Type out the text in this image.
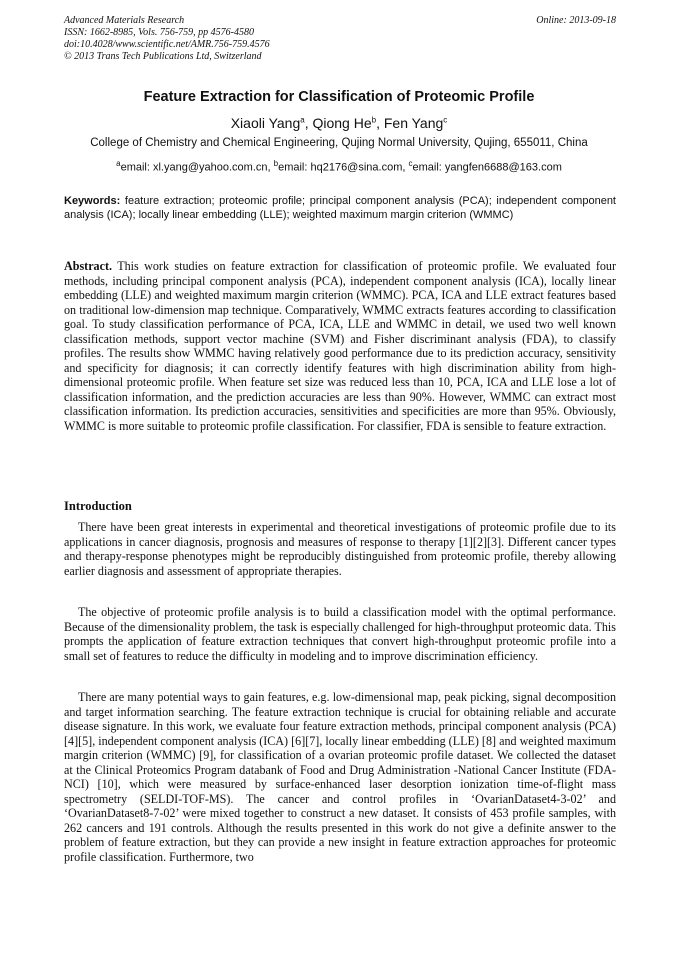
Advanced Materials Research
ISSN: 1662-8985, Vols. 756-759, pp 4576-4580
doi:10.4028/www.scientific.net/AMR.756-759.4576
© 2013 Trans Tech Publications Ltd, Switzerland
Online: 2013-09-18
Feature Extraction for Classification of Proteomic Profile
Xiaoli Yang$^a$, Qiong He$^b$, Fen Yang$^c$
College of Chemistry and Chemical Engineering, Qujing Normal University, Qujing, 655011, China
$^a$email: xl.yang@yahoo.com.cn, $^b$email: hq2176@sina.com, $^c$email: yangfen6688@163.com
Keywords: feature extraction; proteomic profile; principal component analysis (PCA); independent component analysis (ICA); locally linear embedding (LLE); weighted maximum margin criterion (WMMC)
Abstract. This work studies on feature extraction for classification of proteomic profile. We evaluated four methods, including principal component analysis (PCA), independent component analysis (ICA), locally linear embedding (LLE) and weighted maximum margin criterion (WMMC). PCA, ICA and LLE extract features based on traditional low-dimension map technique. Comparatively, WMMC extracts features according to classification goal. To study classification performance of PCA, ICA, LLE and WMMC in detail, we used two well known classification methods, support vector machine (SVM) and Fisher discriminant analysis (FDA), to classify profiles. The results show WMMC having relatively good performance due to its prediction accuracy, sensitivity and specificity for diagnosis; it can correctly identify features with high discrimination ability from high-dimensional proteomic profile. When feature set size was reduced less than 10, PCA, ICA and LLE lose a lot of classification information, and the prediction accuracies are less than 90%. However, WMMC can extract most classification information. Its prediction accuracies, sensitivities and specificities are more than 95%. Obviously, WMMC is more suitable to proteomic profile classification. For classifier, FDA is sensible to feature extraction.
Introduction
There have been great interests in experimental and theoretical investigations of proteomic profile due to its applications in cancer diagnosis, prognosis and measures of response to therapy [1][2][3]. Different cancer types and therapy-response phenotypes might be reproducibly distinguished from proteomic profile, thereby allowing earlier diagnosis and assessment of appropriate therapies.
The objective of proteomic profile analysis is to build a classification model with the optimal performance. Because of the dimensionality problem, the task is especially challenged for high-throughput proteomic data. This prompts the application of feature extraction techniques that convert high-throughput proteomic profile into a small set of features to reduce the difficulty in modeling and to improve discrimination efficiency.
There are many potential ways to gain features, e.g. low-dimensional map, peak picking, signal decomposition and target information searching. The feature extraction technique is crucial for obtaining reliable and accurate disease signature. In this work, we evaluate four feature extraction methods, principal component analysis (PCA) [4][5], independent component analysis (ICA) [6][7], locally linear embedding (LLE) [8] and weighted maximum margin criterion (WMMC) [9], for classification of a ovarian proteomic profile dataset. We collected the dataset at the Clinical Proteomics Program databank of Food and Drug Administration -National Cancer Institute (FDA-NCI) [10], which were measured by surface-enhanced laser desorption ionization time-of-flight mass spectrometry (SELDI-TOF-MS). The cancer and control profiles in ‘OvarianDataset4-3-02’ and ‘OvarianDataset8-7-02’ were mixed together to construct a new dataset. It consists of 453 profile samples, with 262 cancers and 191 controls. Although the results presented in this work do not give a definite answer to the problem of feature extraction, but they can provide a new insight in feature extraction approaches for proteomic profile classification. Furthermore, two
